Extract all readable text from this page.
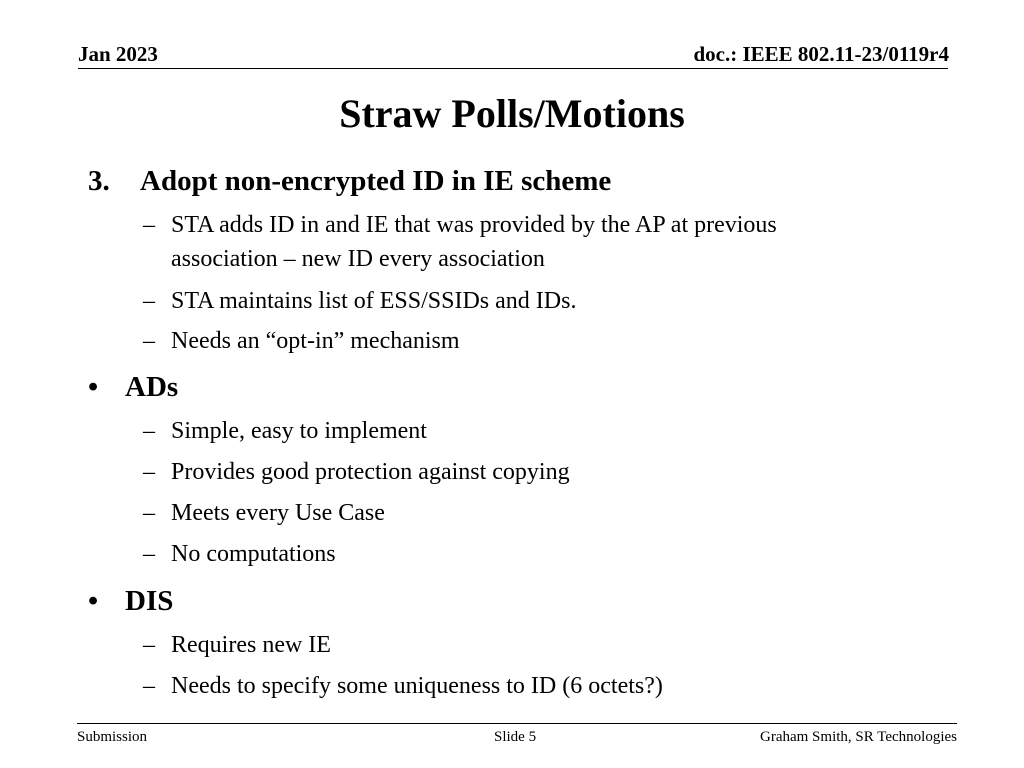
Jan 2023	doc.: IEEE 802.11-23/0119r4
Straw Polls/Motions
3. Adopt non-encrypted ID in IE scheme
– STA adds ID in and IE that was provided by the AP at previous
association – new ID every association
– STA maintains list of ESS/SSIDs and IDs.
– Needs an “opt-in” mechanism
• ADs
– Simple, easy to implement
– Provides good protection against copying
– Meets every Use Case
– No computations
• DIS
– Requires new IE
– Needs to specify some uniqueness to ID (6 octets?)
Submission	Slide 5	Graham Smith, SR Technologies
